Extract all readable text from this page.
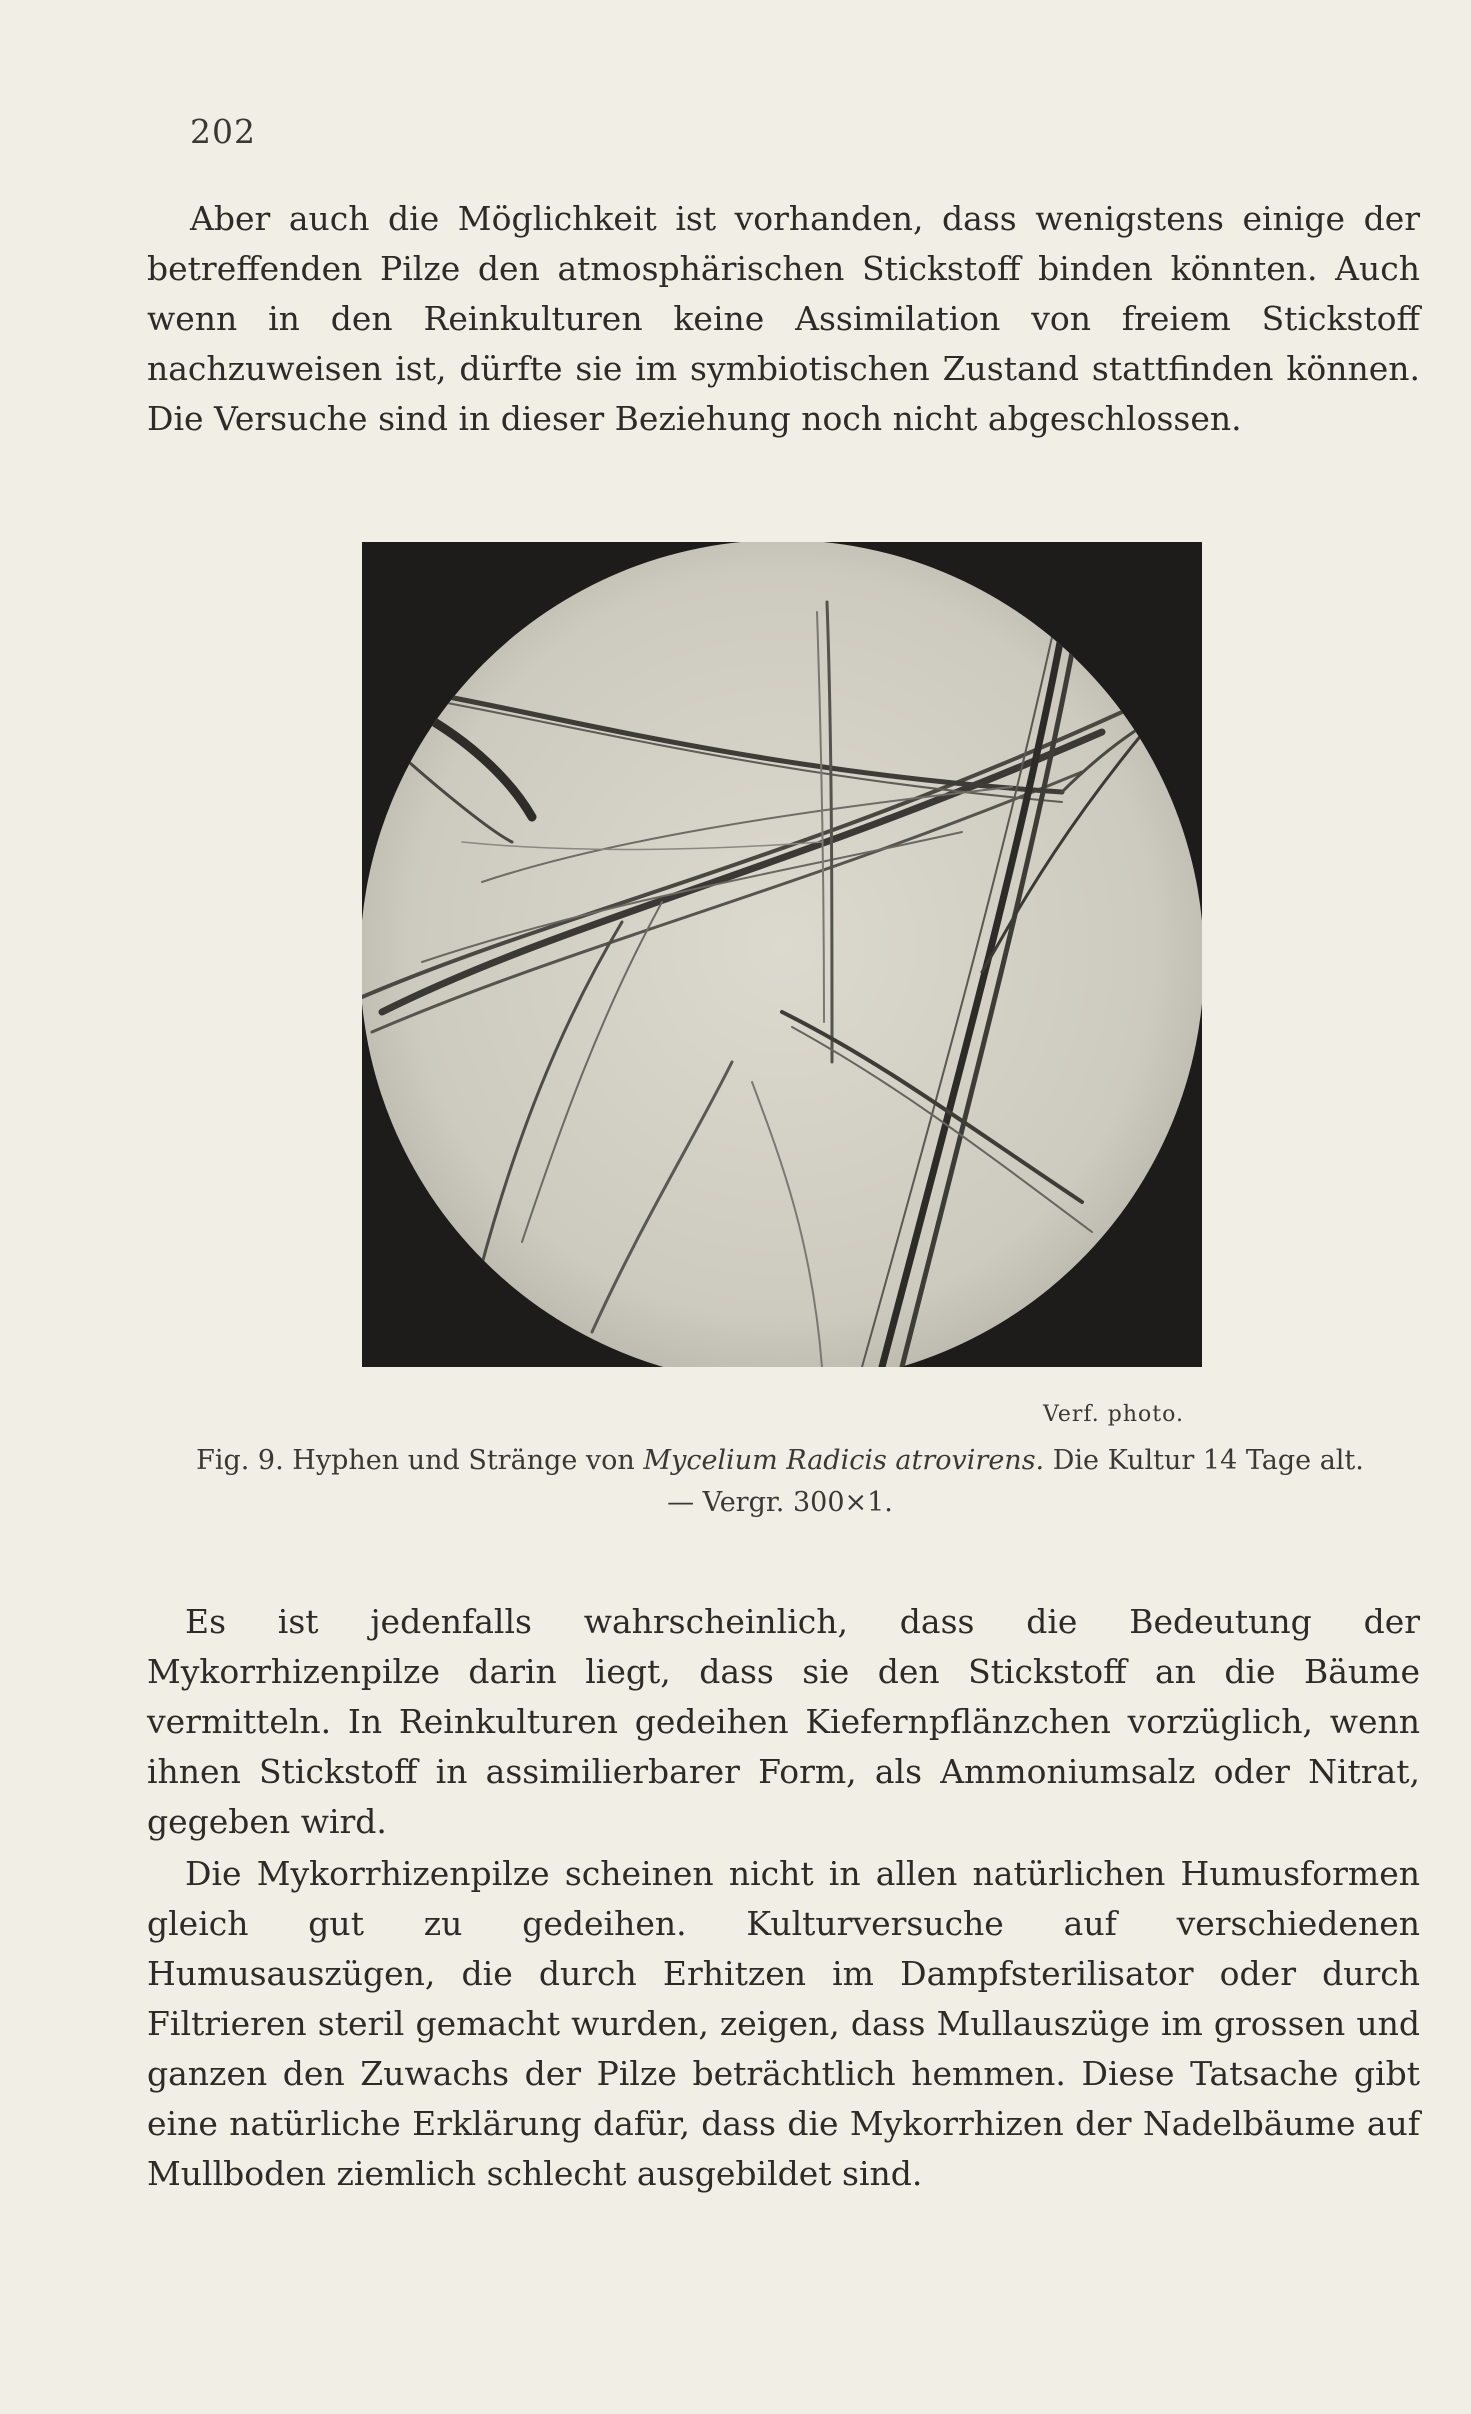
202

Aber auch die Möglichkeit ist vorhanden, dass wenigstens einige der betreffenden Pilze den atmosphärischen Stickstoff binden könnten. Auch wenn in den Reinkulturen keine Assimilation von freiem Stickstoff nachzuweisen ist, dürfte sie im symbiotischen Zustand stattfinden können. Die Versuche sind in dieser Beziehung noch nicht abgeschlossen.

Verf. photo.
Fig. 9. Hyphen und Stränge von Mycelium Radicis atrovirens. Die Kultur 14 Tage alt. — Vergr. 300×1.

Es ist jedenfalls wahrscheinlich, dass die Bedeutung der Mykorrhizenpilze darin liegt, dass sie den Stickstoff an die Bäume vermitteln. In Reinkulturen gedeihen Kiefernpflänzchen vorzüglich, wenn ihnen Stickstoff in assimilierbarer Form, als Ammoniumsalz oder Nitrat, gegeben wird.

Die Mykorrhizenpilze scheinen nicht in allen natürlichen Humusformen gleich gut zu gedeihen. Kulturversuche auf verschiedenen Humusauszügen, die durch Erhitzen im Dampfsterilisator oder durch Filtrieren steril gemacht wurden, zeigen, dass Mullauszüge im grossen und ganzen den Zuwachs der Pilze beträchtlich hemmen. Diese Tatsache gibt eine natürliche Erklärung dafür, dass die Mykorrhizen der Nadelbäume auf Mullboden ziemlich schlecht ausgebildet sind.
